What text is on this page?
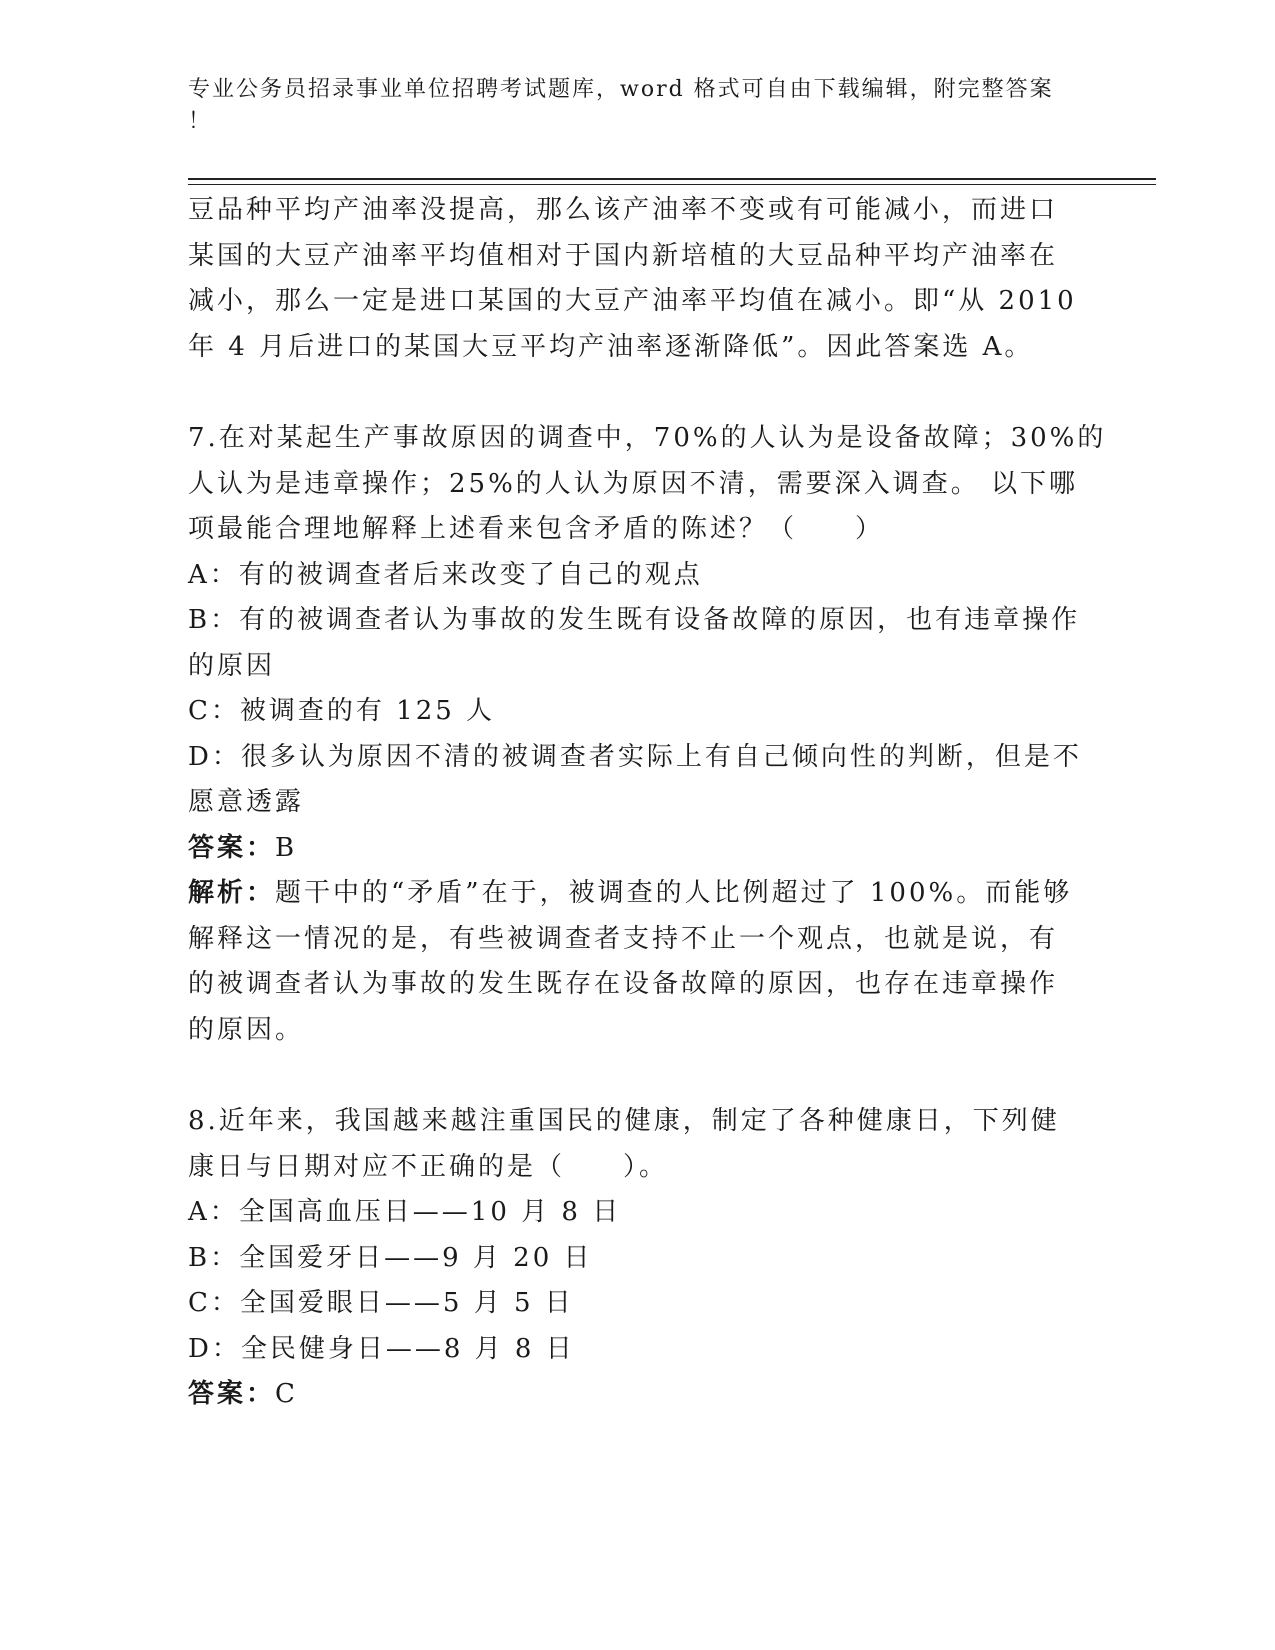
专业公务员招录事业单位招聘考试题库，word 格式可自由下载编辑，附完整答案
！

豆品种平均产油率没提高，那么该产油率不变或有可能减小，而进口

某国的大豆产油率平均值相对于国内新培植的大豆品种平均产油率在

减小，那么一定是进口某国的大豆产油率平均值在减小。即“从 2010

年 4 月后进口的某国大豆平均产油率逐渐降低”。因此答案选 A。

7.在对某起生产事故原因的调查中，70%的人认为是设备故障；30%的

人认为是违章操作；25%的人认为原因不清，需要深入调查。 以下哪

项最能合理地解释上述看来包含矛盾的陈述？（　　）

A：有的被调查者后来改变了自己的观点

B：有的被调查者认为事故的发生既有设备故障的原因，也有违章操作

的原因

C：被调查的有 125 人

D：很多认为原因不清的被调查者实际上有自己倾向性的判断，但是不

愿意透露

答案：B

解析：题干中的“矛盾”在于，被调查的人比例超过了 100%。而能够

解释这一情况的是，有些被调查者支持不止一个观点，也就是说，有

的被调查者认为事故的发生既存在设备故障的原因，也存在违章操作

的原因。

8.近年来，我国越来越注重国民的健康，制定了各种健康日，下列健

康日与日期对应不正确的是（　　）。

A：全国高血压日——10 月 8 日

B：全国爱牙日——9 月 20 日

C：全国爱眼日——5 月 5 日

D：全民健身日——8 月 8 日

答案：C
